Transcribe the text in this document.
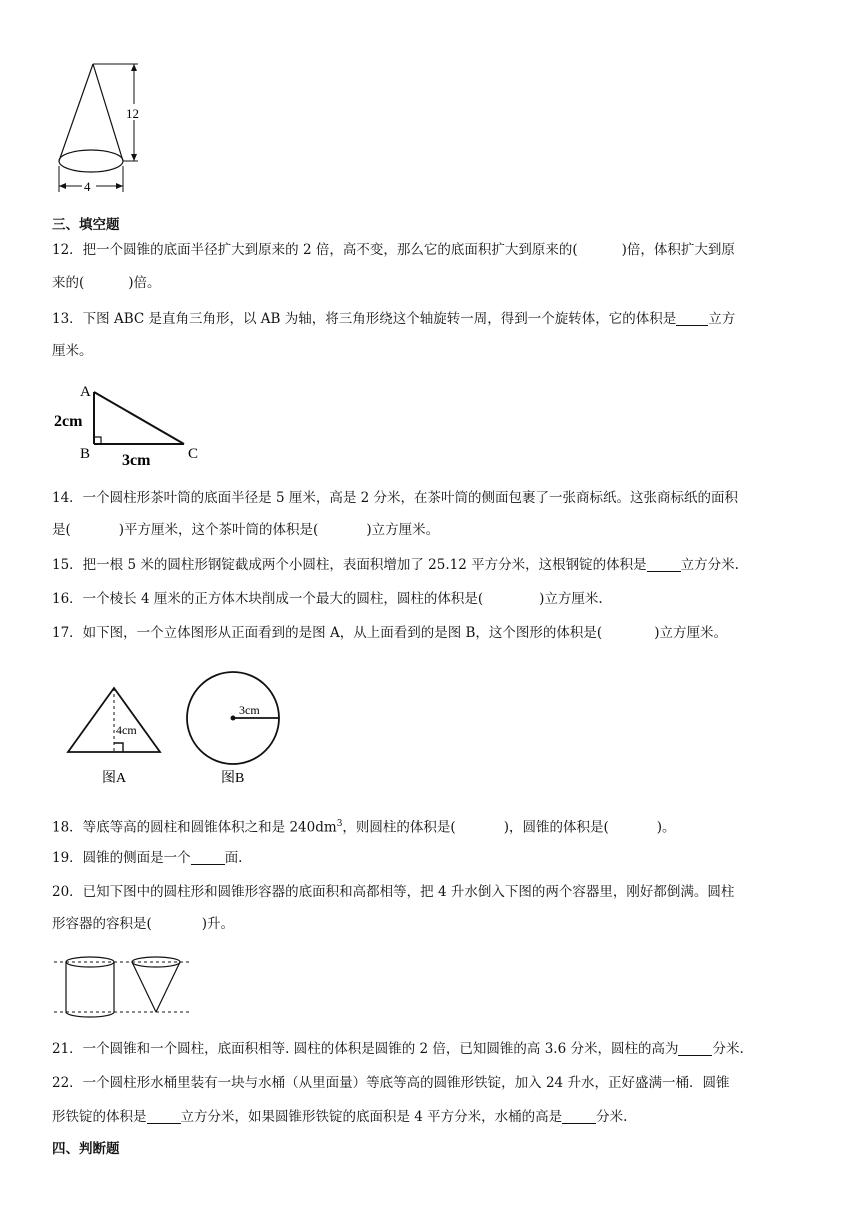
12
4
三、填空题
12．把一个圆锥的底面半径扩大到原来的 2 倍，高不变，那么它的底面积扩大到原来的(	)倍，体积扩大到原
来的(	)倍。
13．下图 ABC 是直角三角形，以 AB 为轴，将三角形绕这个轴旋转一周，得到一个旋转体，它的体积是 立方
厘米。
A
B	C
2cm
3cm
14．一个圆柱形茶叶筒的底面半径是 5 厘米，高是 2 分米，在茶叶筒的侧面包裹了一张商标纸。这张商标纸的面积
是(	)平方厘米，这个茶叶筒的体积是(	)立方厘米。
15．把一根 5 米的圆柱形钢锭截成两个小圆柱，表面积增加了 25.12 平方分米，这根钢锭的体积是	立方分米.
16．一个棱长 4 厘米的正方体木块削成一个最大的圆柱，圆柱的体积是(	)立方厘米.
17．如下图，一个立体图形从正面看到的是图 A，从上面看到的是图 B，这个图形的体积是(	)立方厘米。
4cm
图A
3cm
图B
18．等底等高的圆柱和圆锥体积之和是 $240dm^3$，则圆柱的体积是(	)，圆锥的体积是(	)。
19．圆锥的侧面是一个	面.
20．已知下图中的圆柱形和圆锥形容器的底面积和高都相等，把 4 升水倒入下图的两个容器里，刚好都倒满。圆柱
形容器的容积是(	)升。
21．一个圆锥和一个圆柱，底面积相等. 圆柱的体积是圆锥的 2 倍，已知圆锥的高 3.6 分米，圆柱的高为	分米.
22．一个圆柱形水桶里装有一块与水桶（从里面量）等底等高的圆锥形铁锭，加入 24 升水，正好盛满一桶．圆锥
形铁锭的体积是	立方分米，如果圆锥形铁锭的底面积是 4 平方分米，水桶的高是	分米.
四、判断题
